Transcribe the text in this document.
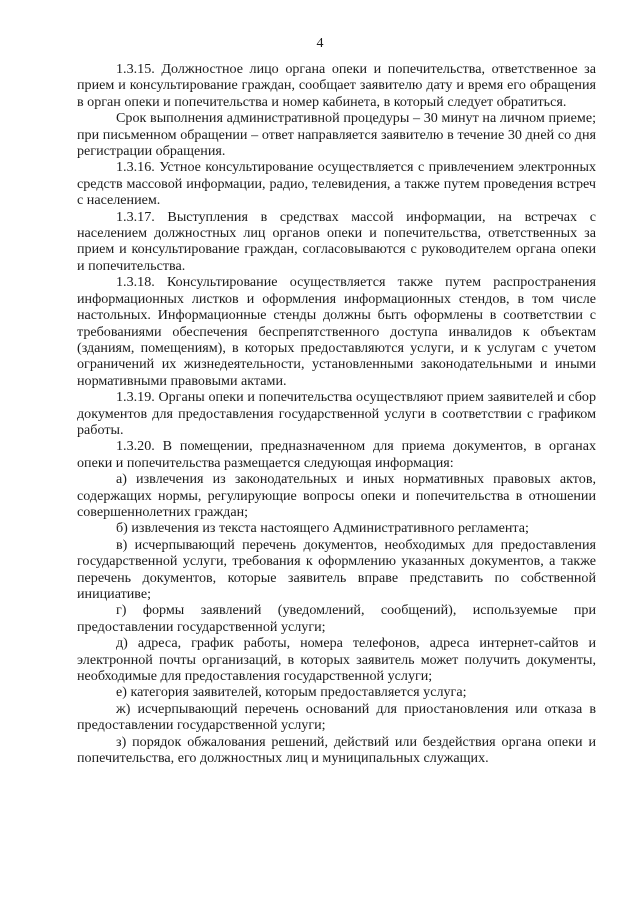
4

1.3.15. Должностное лицо органа опеки и попечительства, ответственное за прием и консультирование граждан, сообщает заявителю дату и время его обращения в орган опеки и попечительства и номер кабинета, в который следует обратиться.

Срок выполнения административной процедуры – 30 минут на личном приеме; при письменном обращении – ответ направляется заявителю в течение 30 дней со дня регистрации обращения.

1.3.16. Устное консультирование осуществляется с привлечением электронных средств массовой информации, радио, телевидения, а также путем проведения встреч с населением.

1.3.17. Выступления в средствах массой информации, на встречах с населением должностных лиц органов опеки и попечительства, ответственных за прием и консультирование граждан, согласовываются с руководителем органа опеки и попечительства.

1.3.18. Консультирование осуществляется также путем распространения информационных листков и оформления информационных стендов, в том числе настольных. Информационные стенды должны быть оформлены в соответствии с требованиями обеспечения беспрепятственного доступа инвалидов к объектам (зданиям, помещениям), в которых предоставляются услуги, и к услугам с учетом ограничений их жизнедеятельности, установленными законодательными и иными нормативными правовыми актами.

1.3.19. Органы опеки и попечительства осуществляют прием заявителей и сбор документов для предоставления государственной услуги в соответствии с графиком работы.

1.3.20. В помещении, предназначенном для приема документов, в органах опеки и попечительства размещается следующая информация:

а) извлечения из законодательных и иных нормативных правовых актов, содержащих нормы, регулирующие вопросы опеки и попечительства в отношении совершеннолетних граждан;

б) извлечения из текста настоящего Административного регламента;

в) исчерпывающий перечень документов, необходимых для предоставления государственной услуги, требования к оформлению указанных документов, а также перечень документов, которые заявитель вправе представить по собственной инициативе;

г) формы заявлений (уведомлений, сообщений), используемые при предоставлении государственной услуги;

д) адреса, график работы, номера телефонов, адреса интернет-сайтов и электронной почты организаций, в которых заявитель может получить документы, необходимые для предоставления государственной услуги;

е) категория заявителей, которым предоставляется услуга;

ж) исчерпывающий перечень оснований для приостановления или отказа в предоставлении государственной услуги;

з) порядок обжалования решений, действий или бездействия органа опеки и попечительства, его должностных лиц и муниципальных служащих.
